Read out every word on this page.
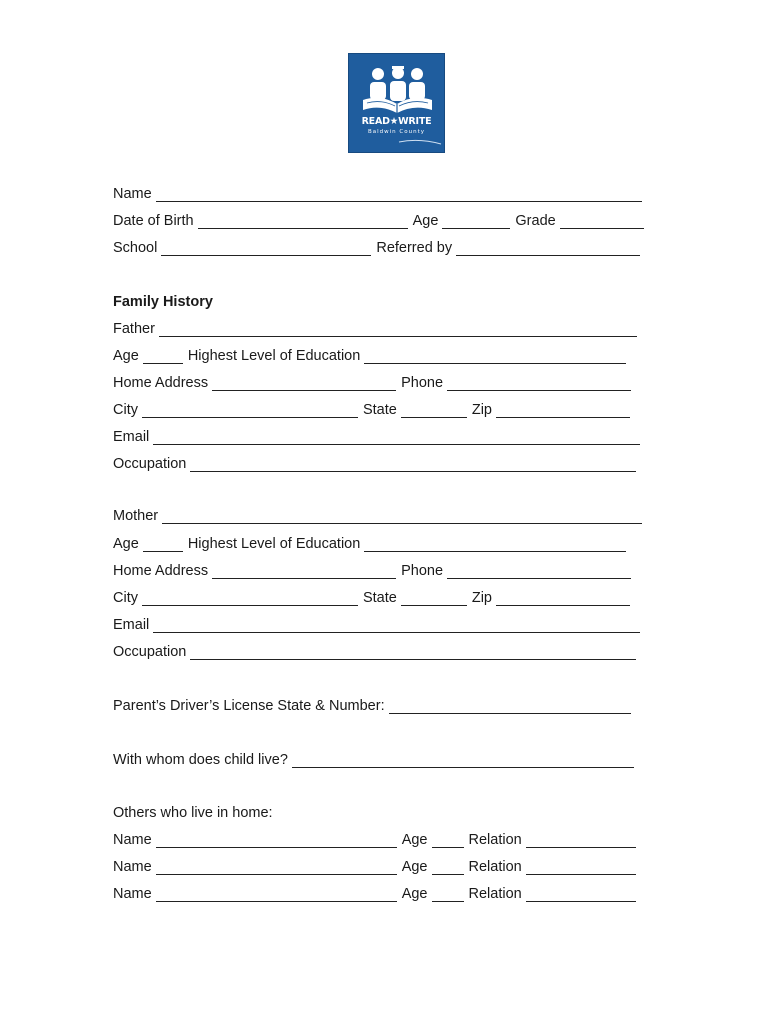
READ★WRITE
Baldwin County
Name
Date of Birth	Age	Grade
School	Referred by
Family History
Father
Age	Highest Level of Education
Home Address	Phone
City	State	Zip
Email
Occupation
Mother
Age	Highest Level of Education
Home Address	Phone
City	State	Zip
Email
Occupation
Parent’s Driver’s License State & Number:
With whom does child live?
Others who live in home:
Name	Age	Relation
Name	Age	Relation
Name	Age	Relation
